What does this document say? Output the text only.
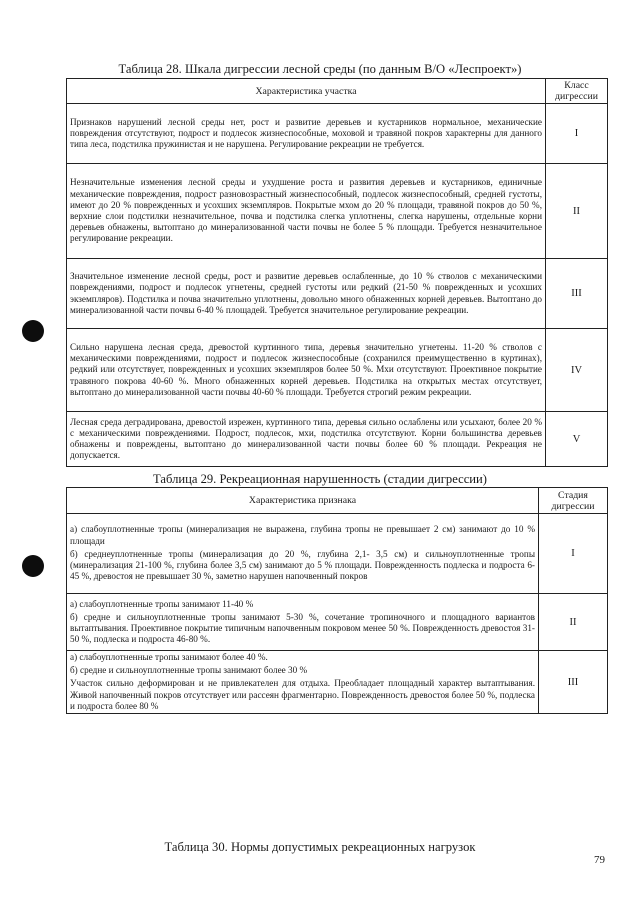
Таблица 28. Шкала дигрессии лесной среды (по данным В/О «Леспроект»)
Характеристика участка	Класс дигрессии
Признаков нарушений лесной среды нет, рост и развитие деревьев и кустарников нормальное, механические повреждения отсутствуют, подрост и подлесок жизнеспособные, моховой и травяной покров характерны для данного типа леса, подстилка пружинистая и не нарушена. Регулирование рекреации не требуется.	I
Незначительные изменения лесной среды и ухудшение роста и развития деревьев и кустарников, единичные механические повреждения, подрост разновозрастный жизнеспособный, подлесок жизнеспособный, средней густоты, имеют до 20 % поврежденных и усохших экземпляров. Покрытые мхом до 20 % площади, травяной покров до 50 %, верхние слои подстилки незначительное, почва и подстилка слегка уплотнены, слегка нарушены, отдельные корни деревьев обнажены, вытоптано до минерализованной части почвы не более 5 % площади. Требуется незначительное регулирование рекреации.	II
Значительное изменение лесной среды, рост и развитие деревьев ослабленные, до 10 % стволов с механическими повреждениями, подрост и подлесок угнетены, средней густоты или редкий (21-50 % поврежденных и усохших экземпляров). Подстилка и почва значительно уплотнены, довольно много обнаженных корней деревьев. Вытоптано до минерализованной части почвы 6-40 % площадей. Требуется значительное регулирование рекреации.	III
Сильно нарушена лесная среда, древостой куртинного типа, деревья значительно угнетены. 11-20 % стволов с механическими повреждениями, подрост и подлесок жизнеспособные (сохранился преимущественно в куртинах), редкий или отсутствует, поврежденных и усохших экземпляров более 50 %. Мхи отсутствуют. Проективное покрытие травяного покрова 40-60 %. Много обнаженных корней деревьев. Подстилка на открытых местах отсутствует, вытоптано до минерализованной части почвы 40-60 % площади. Требуется строгий режим рекреации.	IV
Лесная среда деградирована, древостой изрежен, куртинного типа, деревья сильно ослаблены или усыхают, более 20 % с механическими повреждениями. Подрост, подлесок, мхи, подстилка отсутствуют. Корни большинства деревьев обнажены и повреждены, вытоптано до минерализованной части почвы более 60 % площади. Рекреация не допускается.	V
Таблица 29. Рекреационная нарушенность (стадии дигрессии)
Характеристика признака	Стадия дигрессии

а) слабоуплотненные тропы (минерализация не выражена, глубина тропы не превышает 2 см) занимают до 10 % площади
б) среднеуплотненные тропы (минерализация до 20 %, глубина 2,1- 3,5 см) и сильноуплотненные тропы (минерализация 21-100 %, глубина более 3,5 см) занимают до 5 % площади. Поврежденность подлеска и подроста 6-45 %, древостоя не превышает 30 %, заметно нарушен напочвенный покров	I

а) слабоуплотненные тропы занимают 11-40 %
б) средне и сильноуплотненные тропы занимают 5-30 %, сочетание тропиночного и площадного вариантов вытаптывания. Проективное покрытие типичным напочвенным покровом менее 50 %. Поврежденность древостоя 31-50 %, подлеска и подроста 46-80 %.	II

а) слабоуплотненные тропы занимают более 40 %.
б) средне и сильноуплотненные тропы занимают более 30 %
Участок сильно деформирован и не привлекателен для отдыха. Преобладает площадный характер вытаптывания. Живой напочвенный покров отсутствует или рассеян фрагментарно. Поврежденность древостоя более 50 %, подлеска и подроста более 80 %	III
Таблица 30. Нормы допустимых рекреационных нагрузок
79
